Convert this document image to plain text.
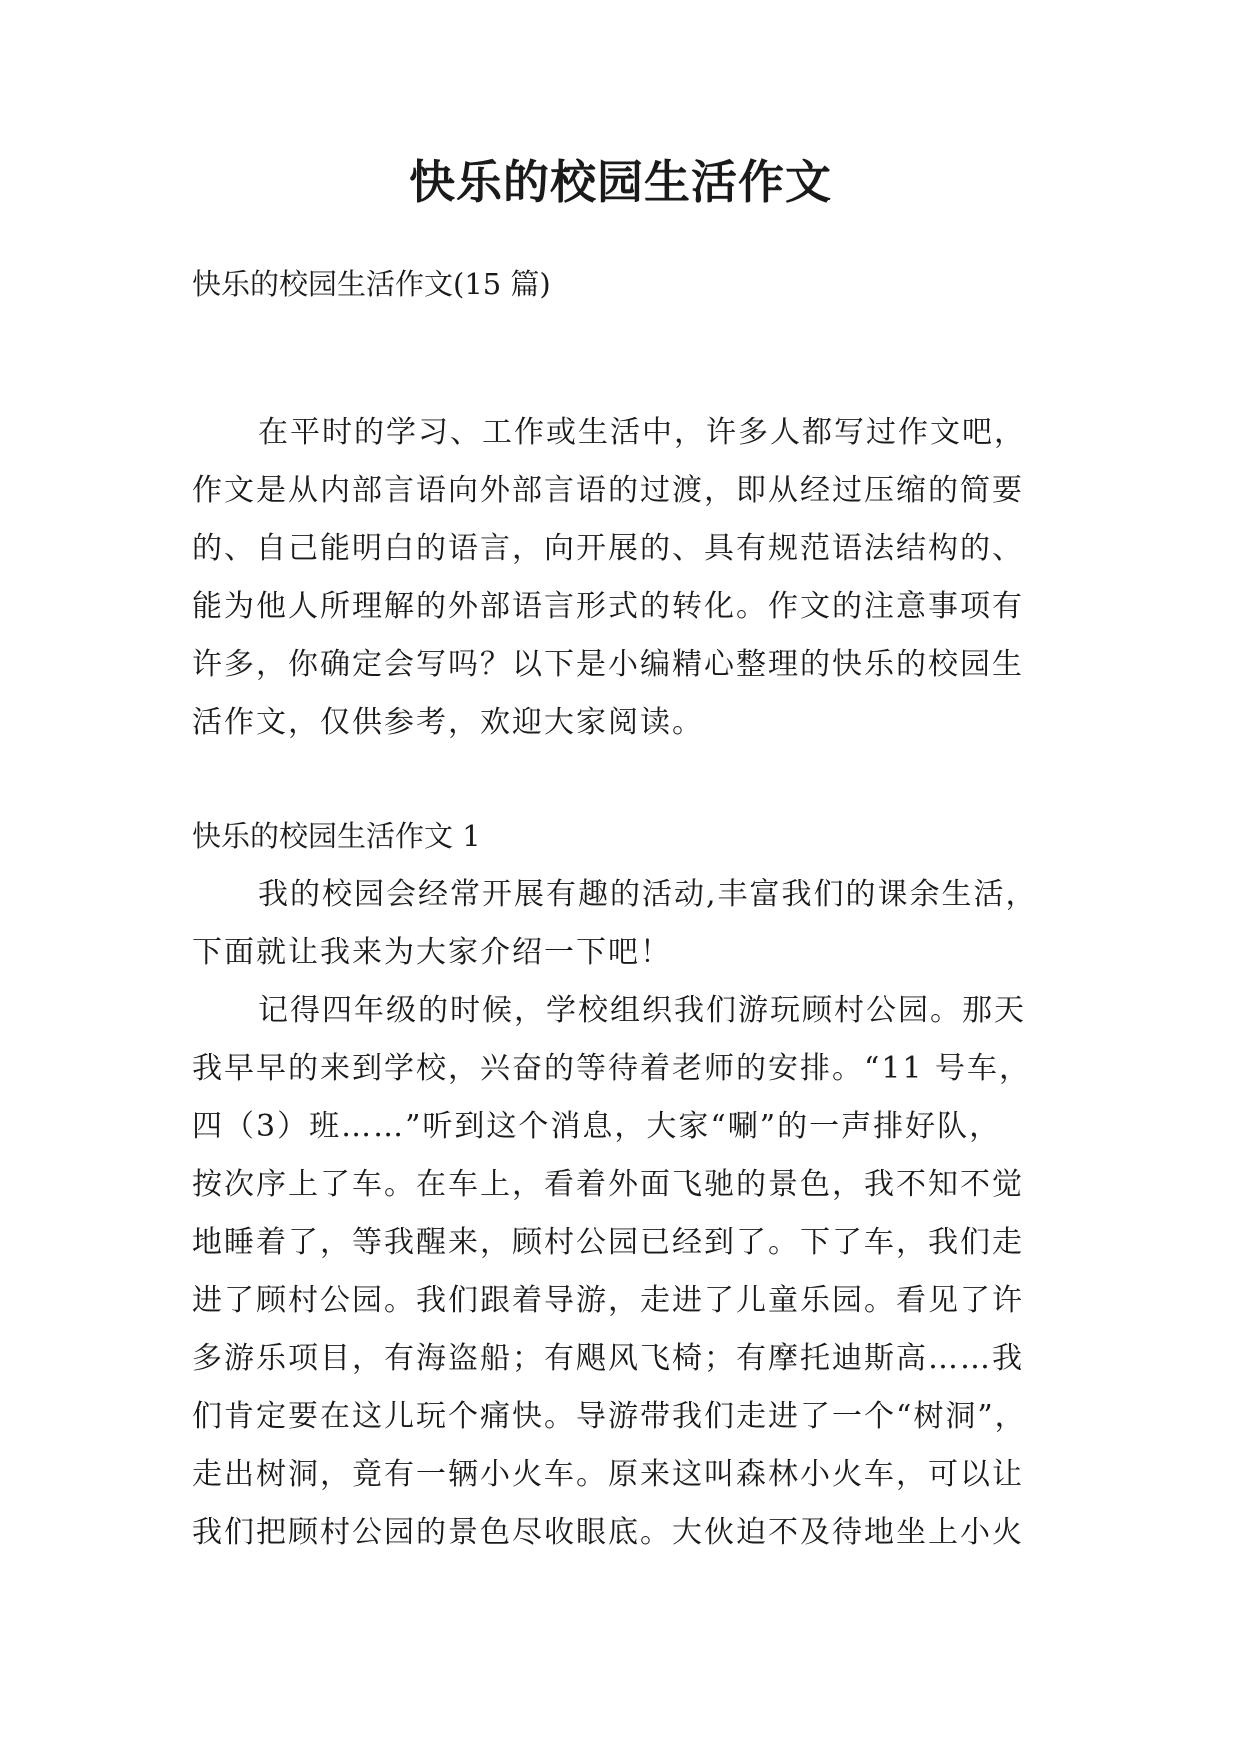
快乐的校园生活作文

快乐的校园生活作文(15 篇)

在平时的学习、工作或生活中，许多人都写过作文吧，
作文是从内部言语向外部言语的过渡，即从经过压缩的简要
的、自己能明白的语言，向开展的、具有规范语法结构的、
能为他人所理解的外部语言形式的转化。作文的注意事项有
许多，你确定会写吗？以下是小编精心整理的快乐的校园生
活作文，仅供参考，欢迎大家阅读。

快乐的校园生活作文 1

我的校园会经常开展有趣的活动,丰富我们的课余生活，
下面就让我来为大家介绍一下吧！
记得四年级的时候，学校组织我们游玩顾村公园。那天
我早早的来到学校，兴奋的等待着老师的安排。“11 号车，
四（3）班……”听到这个消息，大家“唰”的一声排好队，
按次序上了车。在车上，看着外面飞驰的景色，我不知不觉
地睡着了，等我醒来，顾村公园已经到了。下了车，我们走
进了顾村公园。我们跟着导游，走进了儿童乐园。看见了许
多游乐项目，有海盗船；有飓风飞椅；有摩托迪斯高……我
们肯定要在这儿玩个痛快。导游带我们走进了一个“树洞”，
走出树洞，竟有一辆小火车。原来这叫森林小火车，可以让
我们把顾村公园的景色尽收眼底。大伙迫不及待地坐上小火
